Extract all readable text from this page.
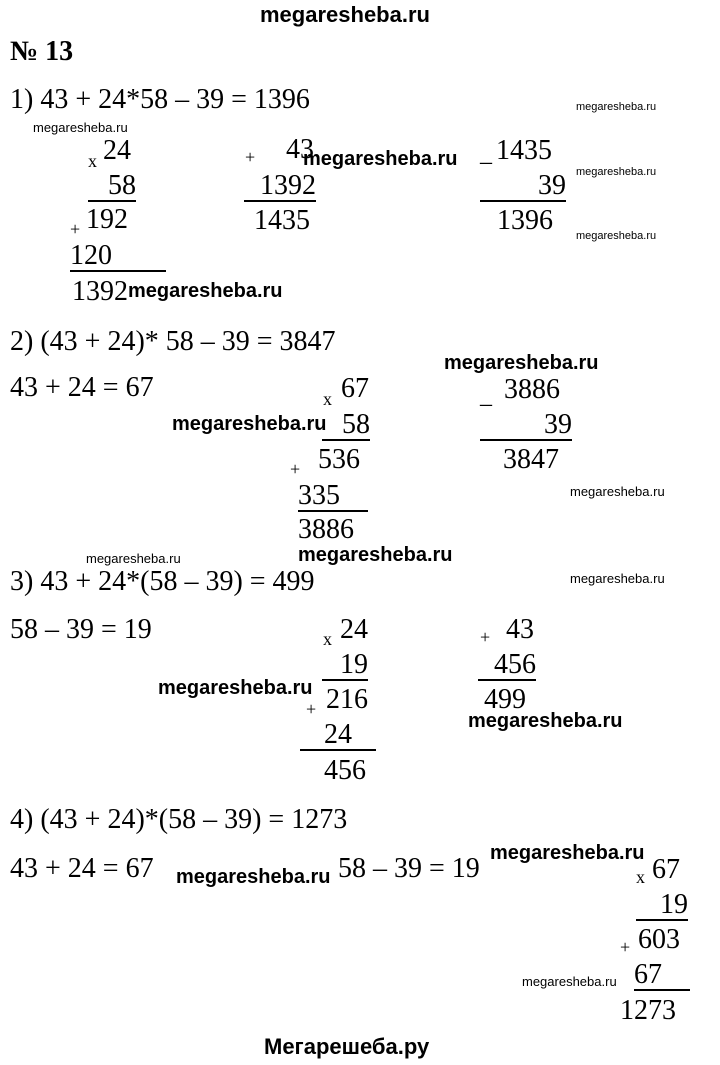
megaresheba.ru
№ 13
1) 43 + 24*58 – 39 = 1396	megaresheba.ru
megaresheba.ru
x 24
58
+ 192
120
1392 megaresheba.ru
+ 43
megaresheba.ru
1392
1435
_ 1435
megaresheba.ru
39
1396 megaresheba.ru
2) (43 + 24)* 58 – 39 = 3847
megaresheba.ru
43 + 24 = 67	x 67
megaresheba.ru 58
+ 536
335
3886
_ 3886
39
3847
megaresheba.ru
megaresheba.ru	megaresheba.ru
3) 43 + 24*(58 – 39) = 499	megaresheba.ru
58 – 39 = 19	x 24
19
megaresheba.ru 216
+
24
456
+ 43
456
499
megaresheba.ru
4) (43 + 24)*(58 – 39) = 1273
43 + 24 = 67 megaresheba.ru 58 – 39 = 19 megaresheba.ru
x 67
19
+ 603
megaresheba.ru 67
1273
Мегарешеба.ру
